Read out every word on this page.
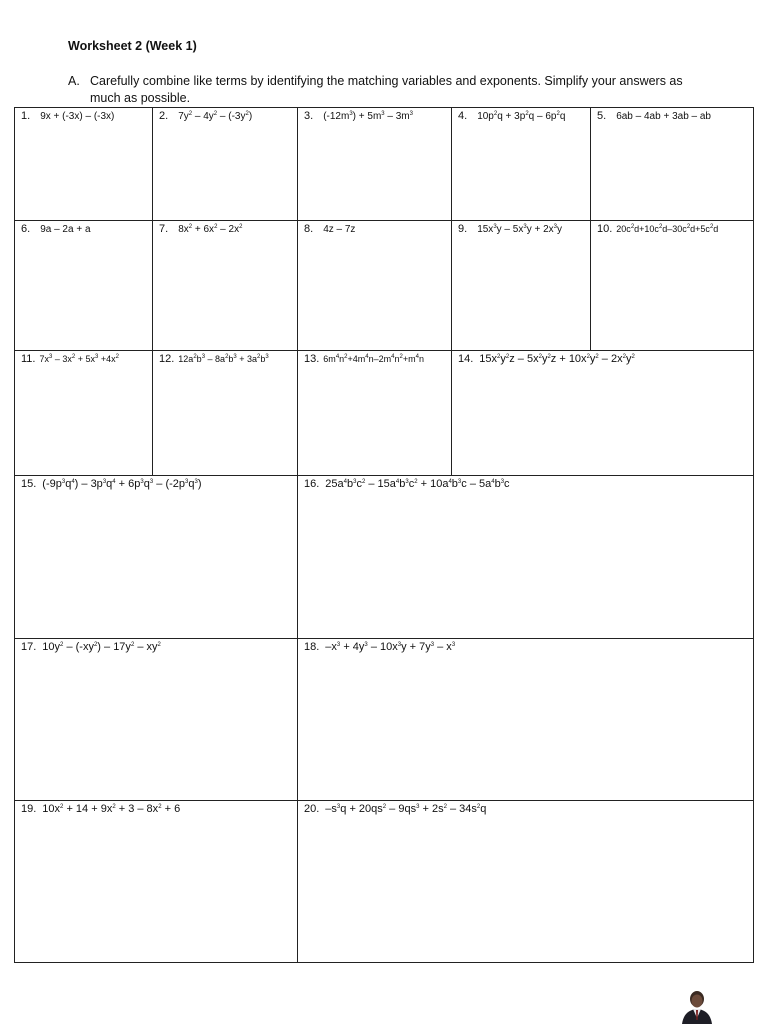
Worksheet 2 (Week 1)
A. Carefully combine like terms by identifying the matching variables and exponents. Simplify your answers as much as possible.
1. 9x + (-3x) – (-3x)	2. $7y^2 - 4y^2 - (-3y^2)$	3. $(-12m^3) + 5m^3 - 3m^3$	4. $10p^2q + 3p^2q - 6p^2q$	5. 6ab – 4ab + 3ab – ab
6. 9a – 2a + a	7. $8x^2 + 6x^2 - 2x^2$	8. 4z – 7z	9. $15x^3y - 5x^3y + 2x^3y$	10. $20c^2d+10c^2d-30c^2d+5c^2d$
11. $7x^3 - 3x^2 + 5x^3 +4x^2$	12. $12a^2b^3 - 8a^2b^3 + 3a^2b^3$	13. $6m^4n^2+4m^4n-2m^4n^2+m^4n$	14. $15x^2y^2z - 5x^2y^2z + 10x^2y^2 - 2x^2y^2$
15. $(-9p^3q^4) - 3p^3q^4 + 6p^3q^3 - (-2p^3q^3)$	16. $25a^4b^3c^2 - 15a^4b^3c^2 + 10a^4b^3c - 5a^4b^3c$
17. $10y^2 - (-xy^2) - 17y^2 - xy^2$	18. $-x^3 + 4y^3 - 10x^3y + 7y^3 - x^3$
19. $10x^2 + 14 + 9x^2 + 3 - 8x^2 + 6$	20. $-s^3q + 20qs^2 - 9qs^3 + 2s^2 - 34s^2q$
